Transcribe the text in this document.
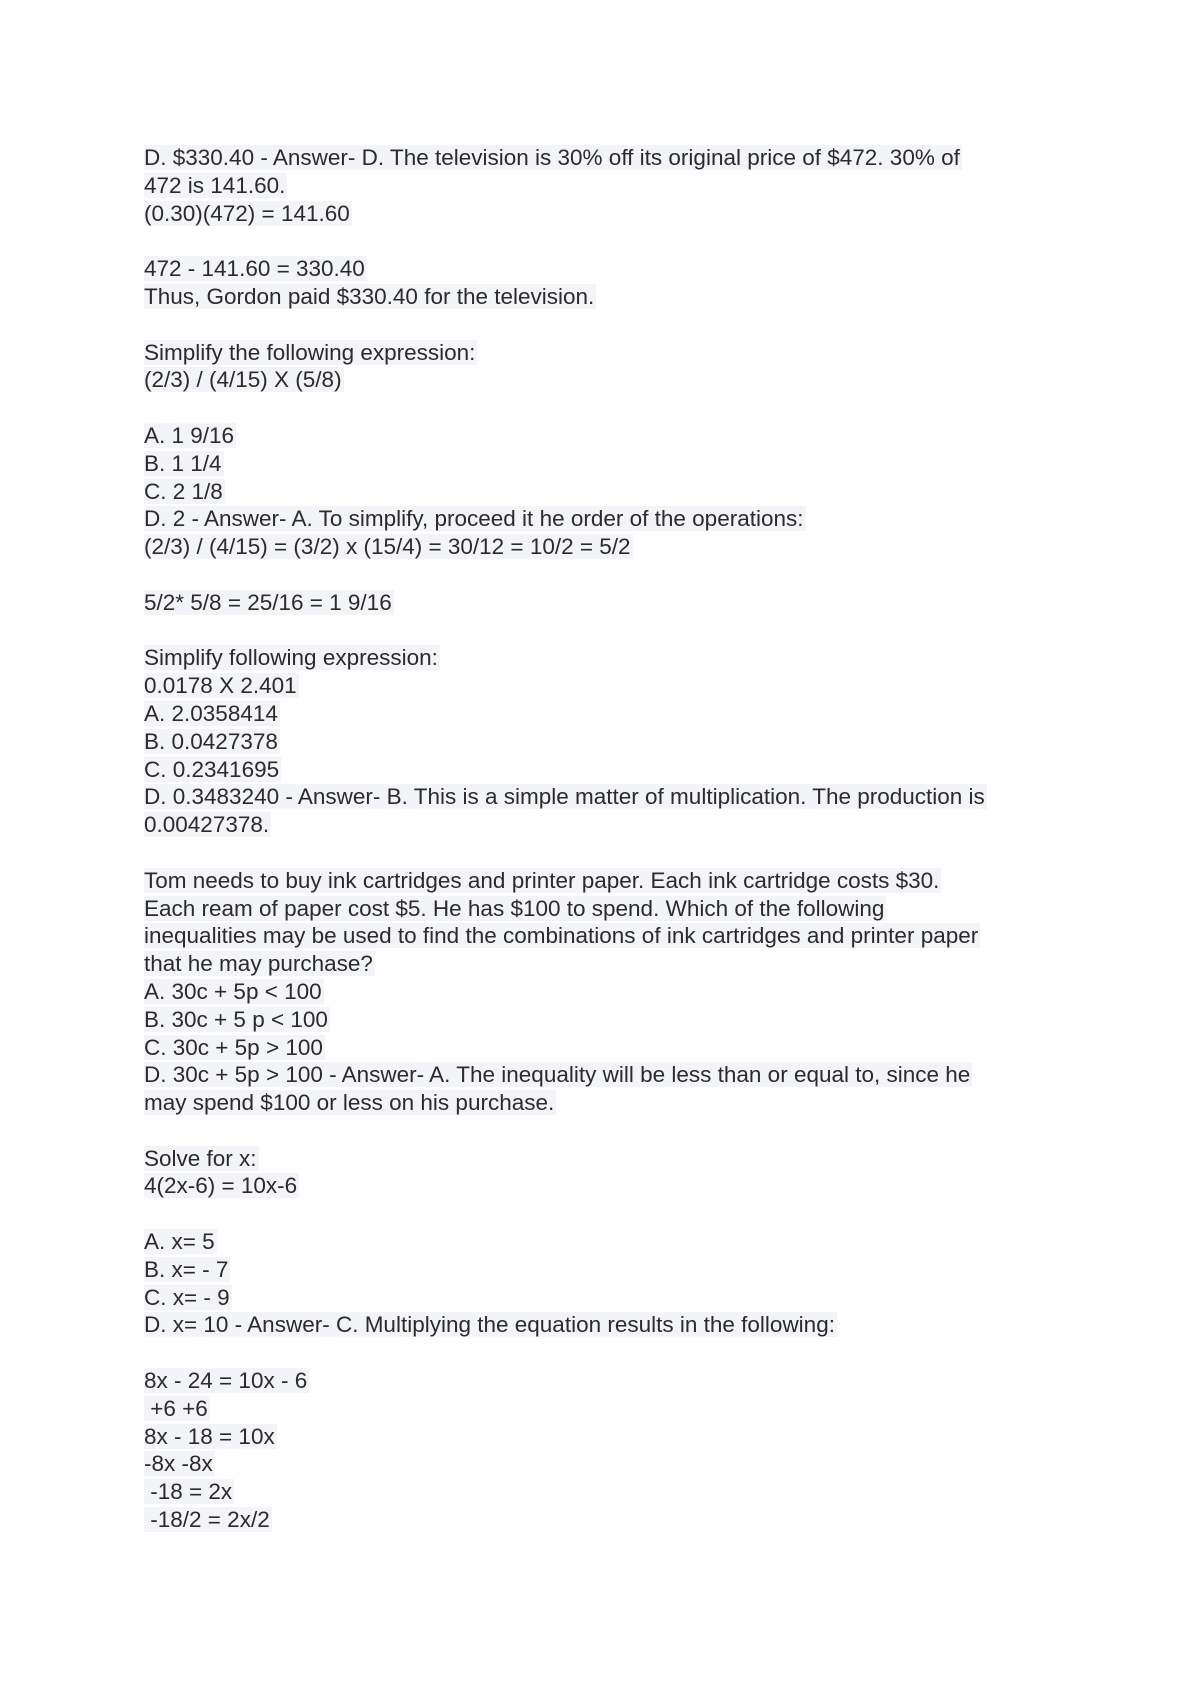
D. $330.40 - Answer- D. The television is 30% off its original price of $472. 30% of
472 is 141.60.
(0.30)(472) = 141.60
472 - 141.60 = 330.40
Thus, Gordon paid $330.40 for the television.
Simplify the following expression:
(2/3) / (4/15) X (5/8)
A. 1 9/16
B. 1 1/4
C. 2 1/8
D. 2 - Answer- A. To simplify, proceed it he order of the operations:
(2/3) / (4/15) = (3/2) x (15/4) = 30/12 = 10/2 = 5/2
5/2* 5/8 = 25/16 = 1 9/16
Simplify following expression:
0.0178 X 2.401
A. 2.0358414
B. 0.0427378
C. 0.2341695
D. 0.3483240 - Answer- B. This is a simple matter of multiplication. The production is
0.00427378.
Tom needs to buy ink cartridges and printer paper. Each ink cartridge costs $30.
Each ream of paper cost $5. He has $100 to spend. Which of the following
inequalities may be used to find the combinations of ink cartridges and printer paper
that he may purchase?
A. 30c + 5p < 100
B. 30c + 5 p < 100
C. 30c + 5p > 100
D. 30c + 5p > 100 - Answer- A. The inequality will be less than or equal to, since he
may spend $100 or less on his purchase.
Solve for x:
4(2x-6) = 10x-6
A. x= 5
B. x= - 7
C. x= - 9
D. x= 10 - Answer- C. Multiplying the equation results in the following:
8x - 24 = 10x - 6
+6 +6
8x - 18 = 10x
-8x -8x
-18 = 2x
-18/2 = 2x/2
